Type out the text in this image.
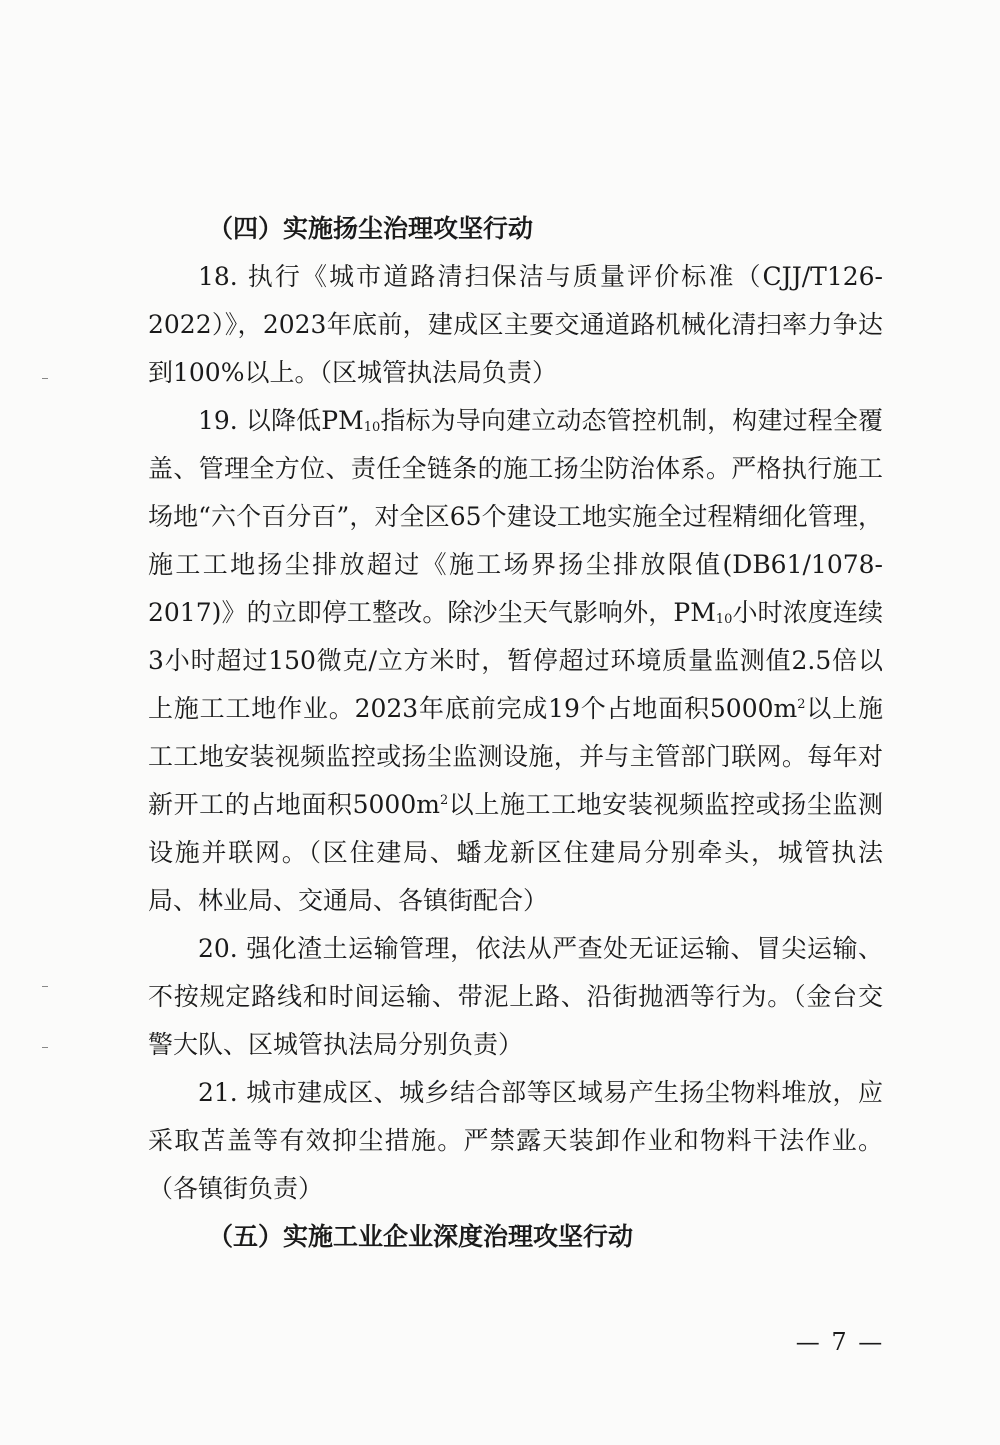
（四）实施扬尘治理攻坚行动

18. 执行《城市道路清扫保洁与质量评价标准（CJJ/T126-2022）》，2023年底前，建成区主要交通道路机械化清扫率力争达到100%以上。（区城管执法局负责）

19. 以降低$PM_{10}$指标为导向建立动态管控机制，构建过程全覆盖、管理全方位、责任全链条的施工扬尘防治体系。严格执行施工场地“六个百分百”，对全区65个建设工地实施全过程精细化管理，施工工地扬尘排放超过《施工场界扬尘排放限值(DB61/1078-2017)》的立即停工整改。除沙尘天气影响外，$PM_{10}$小时浓度连续3小时超过150微克/立方米时，暂停超过环境质量监测值2.5倍以上施工工地作业。2023年底前完成19个占地面积$5000m^2$以上施工工地安装视频监控或扬尘监测设施，并与主管部门联网。每年对新开工的占地面积$5000m^2$以上施工工地安装视频监控或扬尘监测设施并联网。（区住建局、蟠龙新区住建局分别牵头，城管执法局、林业局、交通局、各镇街配合）

20. 强化渣土运输管理，依法从严查处无证运输、冒尖运输、不按规定路线和时间运输、带泥上路、沿街抛洒等行为。（金台交警大队、区城管执法局分别负责）

21. 城市建成区、城乡结合部等区域易产生扬尘物料堆放，应采取苫盖等有效抑尘措施。严禁露天装卸作业和物料干法作业。（各镇街负责）

（五）实施工业企业深度治理攻坚行动

— 7 —
